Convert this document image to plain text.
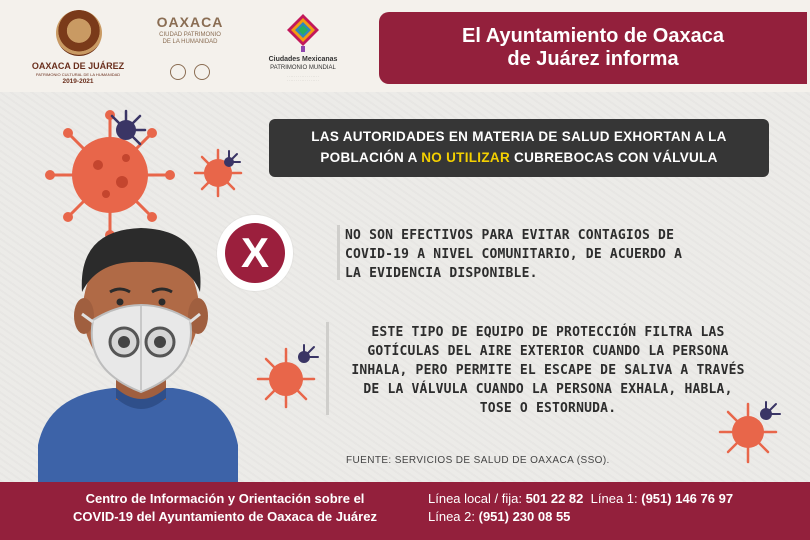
OAXACA DE JUÁREZ
PATRIMONIO CULTURAL DE LA HUMANIDAD
2019-2021
OAXACA
CIUDAD PATRIMONIO
DE LA HUMANIDAD
Ciudades Mexicanas
PATRIMONIO MUNDIAL
· · · · · · · · · · · · · · · · · ·
· · · · · · · · · · · · · · · · · ·
El Ayuntamiento de Oaxaca
de Juárez informa
LAS AUTORIDADES EN MATERIA DE SALUD EXHORTAN A LA
POBLACIÓN A NO UTILIZAR CUBREBOCAS CON VÁLVULA
X	NO SON EFECTIVOS PARA EVITAR CONTAGIOS DE
COVID-19 A NIVEL COMUNITARIO, DE ACUERDO A
LA EVIDENCIA DISPONIBLE.
ESTE TIPO DE EQUIPO DE PROTECCIÓN FILTRA LAS
GOTÍCULAS DEL AIRE EXTERIOR CUANDO LA PERSONA
INHALA, PERO PERMITE EL ESCAPE DE SALIVA A TRAVÉS
DE LA VÁLVULA CUANDO LA PERSONA EXHALA, HABLA,
TOSE O ESTORNUDA.
FUENTE: SERVICIOS DE SALUD DE OAXACA (SSO).
Centro de Información y Orientación sobre el
COVID-19 del Ayuntamiento de Oaxaca de Juárez
Línea local / fija: 501 22 82 Línea 1: (951) 146 76 97
Línea 2: (951) 230 08 55
